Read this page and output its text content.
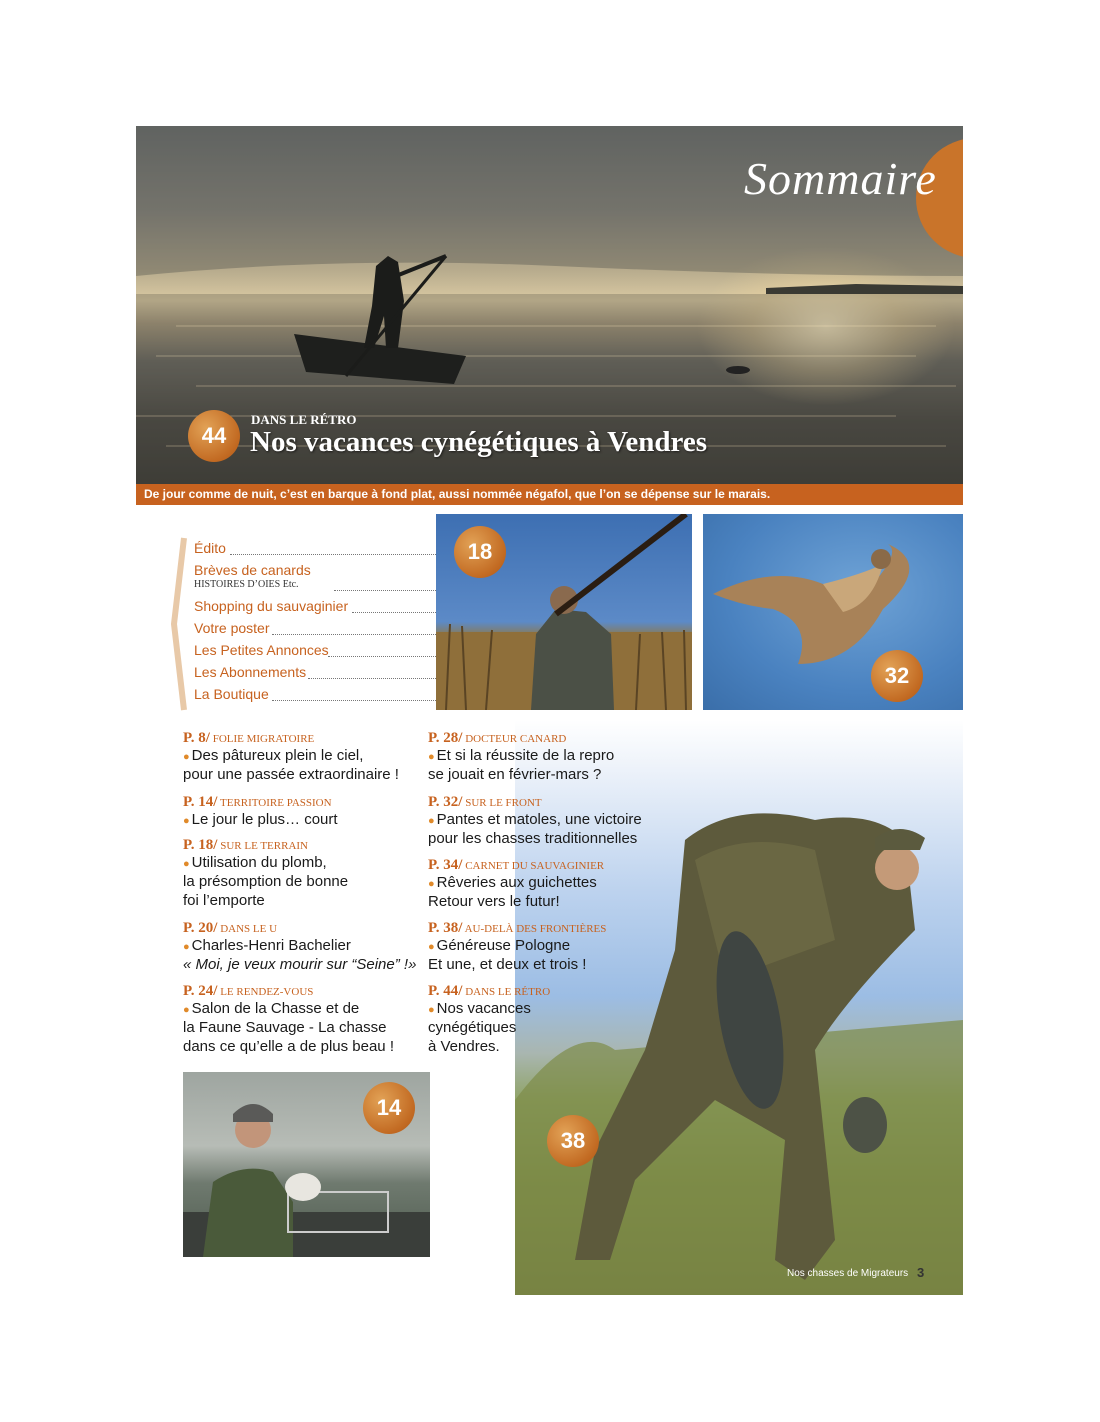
Sommaire
44
DANS LE RÉTRO
Nos vacances cynégétiques à Vendres
De jour comme de nuit, c’est en barque à fond plat, aussi nommée négafol, que l’on se dépense sur le marais.
Édito
Brèves de canards
HISTOIRES D’OIES Etc.
Shopping du sauvaginier
Votre poster
Les Petites Annonces
Les Abonnements
La Boutique
18
32
38
14
P. 8/ FOLIE MIGRATOIRE
● Des pâtureux plein le ciel,
pour une passée extraordinaire !
P. 14/ TERRITOIRE PASSION
● Le jour le plus… court
P. 18/ SUR LE TERRAIN
● Utilisation du plomb,
la présomption de bonne
foi l’emporte
P. 20/ DANS LE U
● Charles-Henri Bachelier
« Moi, je veux mourir sur “Seine” !»
P. 24/ LE RENDEZ-VOUS
● Salon de la Chasse et de
la Faune Sauvage - La chasse
dans ce qu’elle a de plus beau !
P. 28/ DOCTEUR CANARD
● Et si la réussite de la repro
se jouait en février-mars ?
P. 32/ SUR LE FRONT
● Pantes et matoles, une victoire
pour les chasses traditionnelles
P. 34/ CARNET DU SAUVAGINIER
● Rêveries aux guichettes
Retour vers le futur!
P. 38/ AU-DELÀ DES FRONTIÈRES
● Généreuse Pologne
Et une, et deux et trois !
P. 44/ DANS LE RÉTRO
● Nos vacances
cynégétiques
à Vendres.
Nos chasses de Migrateurs 3
